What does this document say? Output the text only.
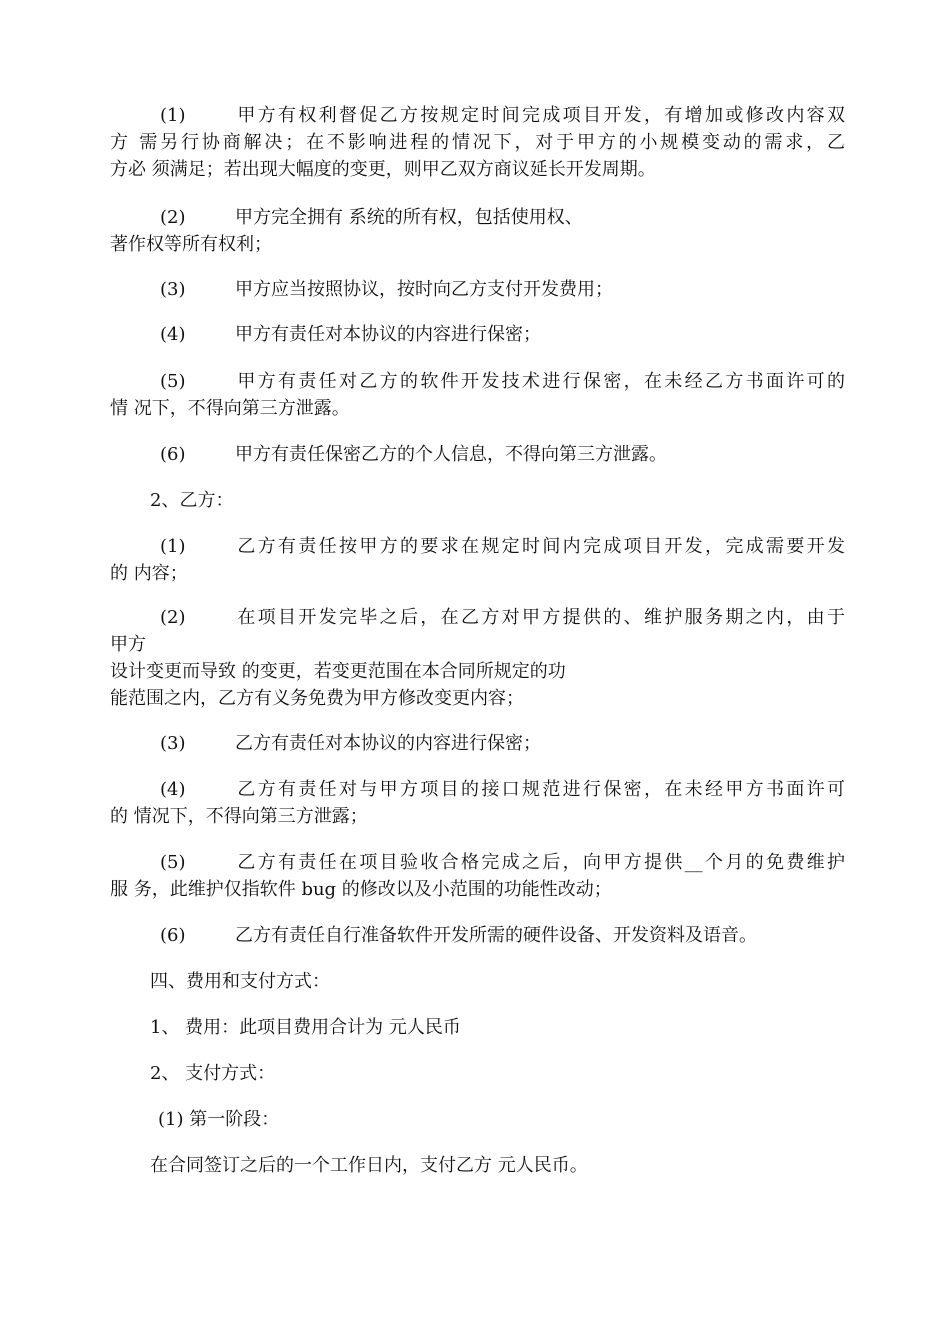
(1)	甲方有权利督促乙方按规定时间完成项目开发，有增加或修改内容双
方 需另行协商解决；在不影响进程的情况下，对于甲方的小规模变动的需求，乙
方必 须满足；若出现大幅度的变更，则甲乙双方商议延长开发周期。
(2)	甲方完全拥有 系统的所有权，包括使用权、
著作权等所有权利；
(3)	甲方应当按照协议，按时向乙方支付开发费用；
(4)	甲方有责任对本协议的内容进行保密；
(5)	甲方有责任对乙方的软件开发技术进行保密，在未经乙方书面许可的
情 况下，不得向第三方泄露。
(6)	甲方有责任保密乙方的个人信息，不得向第三方泄露。
2、乙方：
(1)	乙方有责任按甲方的要求在规定时间内完成项目开发，完成需要开发
的 内容；
(2)	在项目开发完毕之后，在乙方对甲方提供的、维护服务期之内，由于
甲方
设计变更而导致 的变更，若变更范围在本合同所规定的功
能范围之内，乙方有义务免费为甲方修改变更内容；
(3)	乙方有责任对本协议的内容进行保密；
(4)	乙方有责任对与甲方项目的接口规范进行保密，在未经甲方书面许可
的 情况下，不得向第三方泄露；
(5)	乙方有责任在项目验收合格完成之后，向甲方提供__个月的免费维护
服 务，此维护仅指软件 bug 的修改以及小范围的功能性改动；
(6)	乙方有责任自行准备软件开发所需的硬件设备、开发资料及语音。
四、费用和支付方式：
1、 费用：此项目费用合计为 元人民币
2、 支付方式：
(1) 第一阶段：
在合同签订之后的一个工作日内，支付乙方 元人民币。
